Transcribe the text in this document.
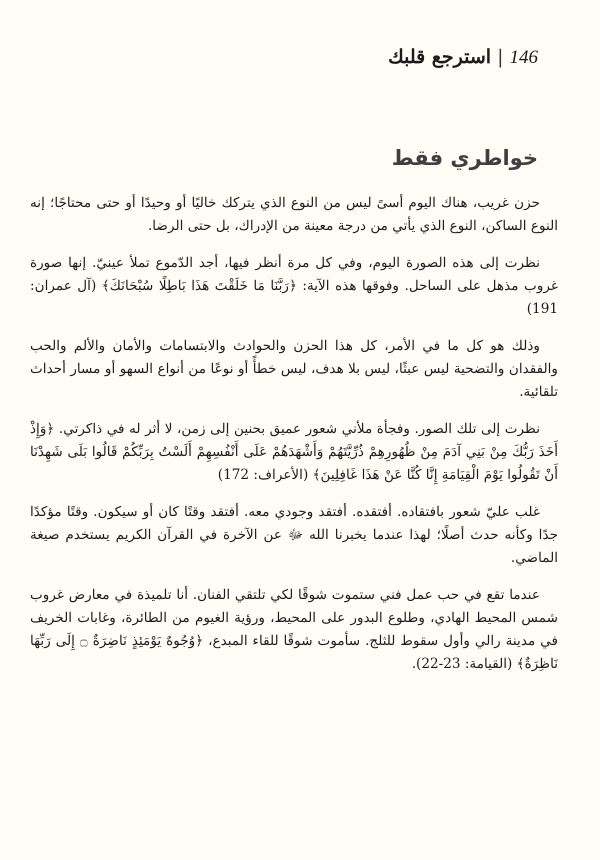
146|استرجع قلبك
خواطري فقط

حزن غريب، هناك اليوم أسىً ليس من النوع الذي يتركك خاليًا أو وحيدًا أو حتى محتاجًا؛ إنه النوع الساكن، النوع الذي يأتي من درجة معينة من الإدراك، بل حتى الرضا.

نظرت إلى هذه الصورة اليوم، وفي كل مرة أنظر فيها، أجد الدّموع تملأ عينيّ. إنها صورة غروب مذهل على الساحل. وفوقها هذه الآية: ﴿رَبَّنَا مَا خَلَقْتَ هَذَا بَاطِلًا سُبْحَانَكَ﴾ (آل عمران: 191)

وذلك هو كل ما في الأمر، كل هذا الحزن والحوادث والابتسامات والأمان والألم والحب والفقدان والتضحية ليس عبثًا، ليس بلا هدف، ليس خطأً أو نوعًا من أنواع السهو أو مسار أحداث تلقائية.

نظرت إلى تلك الصور. وفجأة ملأني شعور عميق بحنين إلى زمن، لا أثر له في ذاكرتي. ﴿وَإِذْ أَخَذَ رَبُّكَ مِنْ بَنِي آدَمَ مِنْ ظُهُورِهِمْ ذُرِّيَّتَهُمْ وَأَشْهَدَهُمْ عَلَى أَنْفُسِهِمْ أَلَسْتُ بِرَبِّكُمْ قَالُوا بَلَى شَهِدْنَا أَنْ تَقُولُوا يَوْمَ الْقِيَامَةِ إِنَّا كُنَّا عَنْ هَذَا غَافِلِينَ﴾ (الأعراف: 172)

غلب عليّ شعور بافتقاده. أفتقده. أفتقد وجودي معه. أفتقد وقتًا كان أو سيكون. وقتًا مؤكدًا جدًا وكأنه حدث أصلًا؛ لهذا عندما يخبرنا الله ﷻ عن الآخرة في القرآن الكريم يستخدم صيغة الماضي.

عندما تقع في حب عمل فني ستموت شوقًا لكي تلتقي الفنان. أنا تلميذة في معارض غروب شمس المحيط الهادي، وطلوع البدور على المحيط، ورؤية الغيوم من الطائرة، وغابات الخريف في مدينة رالي وأول سقوط للثلج. سأموت شوقًا للقاء المبدع، ﴿وُجُوهٌ يَوْمَئِذٍ نَاضِرَةٌ ۝ إِلَى رَبِّهَا نَاظِرَةٌ﴾ (القيامة: 23-22).
